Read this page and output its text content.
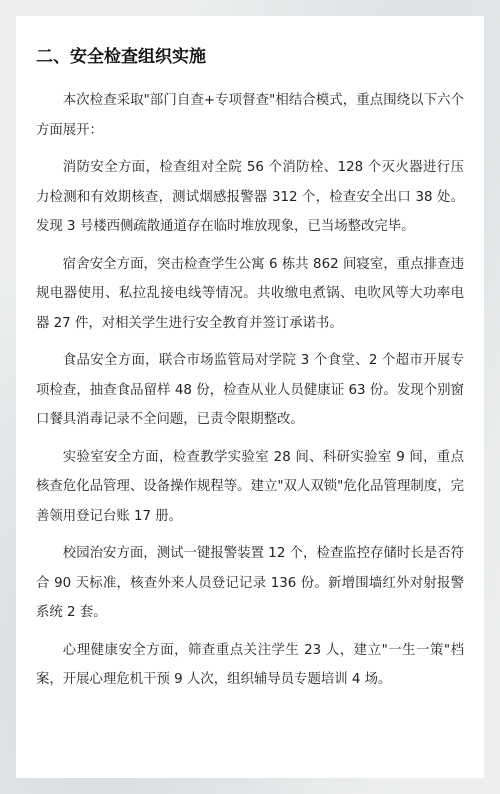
二、安全检查组织实施

本次检查采取"部门自查+专项督查"相结合模式，重点围绕以下六个方面展开：

消防安全方面，检查组对全院 56 个消防栓、128 个灭火器进行压力检测和有效期核查，测试烟感报警器 312 个，检查安全出口 38 处。发现 3 号楼西侧疏散通道存在临时堆放现象，已当场整改完毕。

宿舍安全方面，突击检查学生公寓 6 栋共 862 间寝室，重点排查违规电器使用、私拉乱接电线等情况。共收缴电煮锅、电吹风等大功率电器 27 件，对相关学生进行安全教育并签订承诺书。

食品安全方面，联合市场监管局对学院 3 个食堂、2 个超市开展专项检查，抽查食品留样 48 份，检查从业人员健康证 63 份。发现个别窗口餐具消毒记录不全问题，已责令限期整改。

实验室安全方面，检查教学实验室 28 间、科研实验室 9 间，重点核查危化品管理、设备操作规程等。建立"双人双锁"危化品管理制度，完善领用登记台账 17 册。

校园治安方面，测试一键报警装置 12 个，检查监控存储时长是否符合 90 天标准，核查外来人员登记记录 136 份。新增围墙红外对射报警系统 2 套。

心理健康安全方面，筛查重点关注学生 23 人，建立"一生一策"档案，开展心理危机干预 9 人次，组织辅导员专题培训 4 场。
